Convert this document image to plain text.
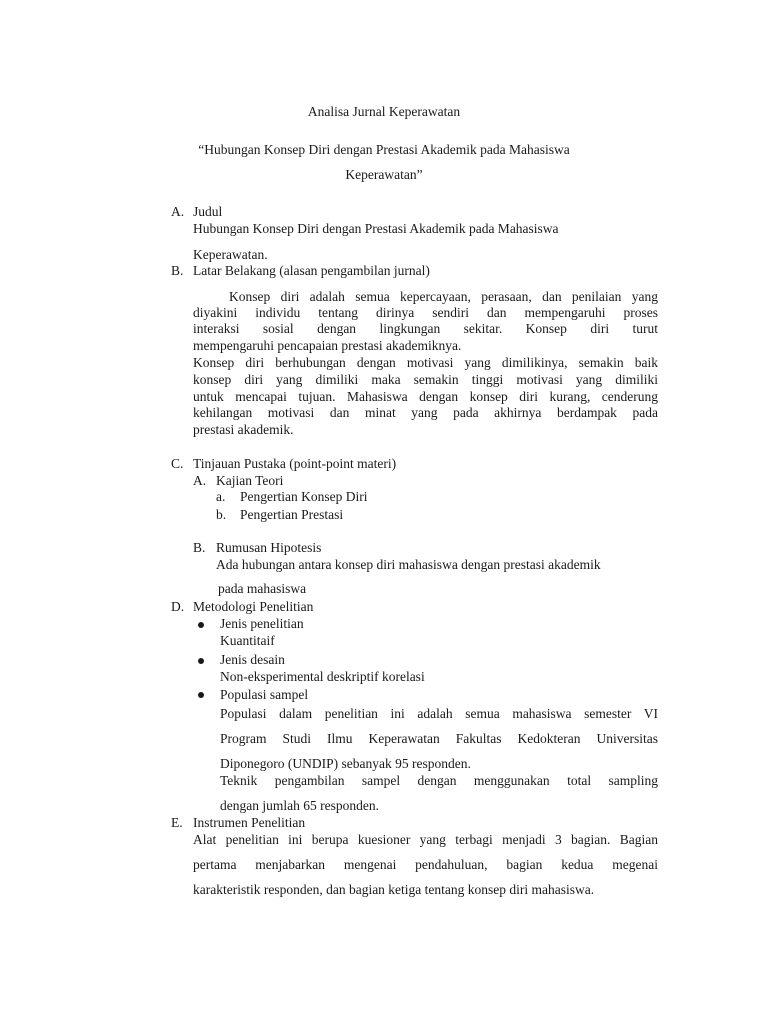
Analisa Jurnal Keperawatan
“Hubungan Konsep Diri dengan Prestasi Akademik pada Mahasiswa
Keperawatan”
A. Judul
Hubungan Konsep Diri dengan Prestasi Akademik pada Mahasiswa
Keperawatan.
B. Latar Belakang (alasan pengambilan jurnal)
Konsep diri adalah semua kepercayaan, perasaan, dan penilaian yang
diyakini individu tentang dirinya sendiri dan mempengaruhi proses
interaksi sosial dengan lingkungan sekitar. Konsep diri turut
mempengaruhi pencapaian prestasi akademiknya.
Konsep diri berhubungan dengan motivasi yang dimilikinya, semakin baik
konsep diri yang dimiliki maka semakin tinggi motivasi yang dimiliki
untuk mencapai tujuan. Mahasiswa dengan konsep diri kurang, cenderung
kehilangan motivasi dan minat yang pada akhirnya berdampak pada
prestasi akademik.
C. Tinjauan Pustaka (point-point materi)
A. Kajian Teori
a. Pengertian Konsep Diri
b. Pengertian Prestasi
B. Rumusan Hipotesis
Ada hubungan antara konsep diri mahasiswa dengan prestasi akademik
pada mahasiswa
D. Metodologi Penelitian
Jenis penelitian
Kuantitaif
Jenis desain
Non-eksperimental deskriptif korelasi
Populasi sampel
Populasi dalam penelitian ini adalah semua mahasiswa semester VI
Program Studi Ilmu Keperawatan Fakultas Kedokteran Universitas
Diponegoro (UNDIP) sebanyak 95 responden.
Teknik pengambilan sampel dengan menggunakan total sampling
dengan jumlah 65 responden.
E. Instrumen Penelitian
Alat penelitian ini berupa kuesioner yang terbagi menjadi 3 bagian. Bagian
pertama menjabarkan mengenai pendahuluan, bagian kedua megenai
karakteristik responden, dan bagian ketiga tentang konsep diri mahasiswa.
